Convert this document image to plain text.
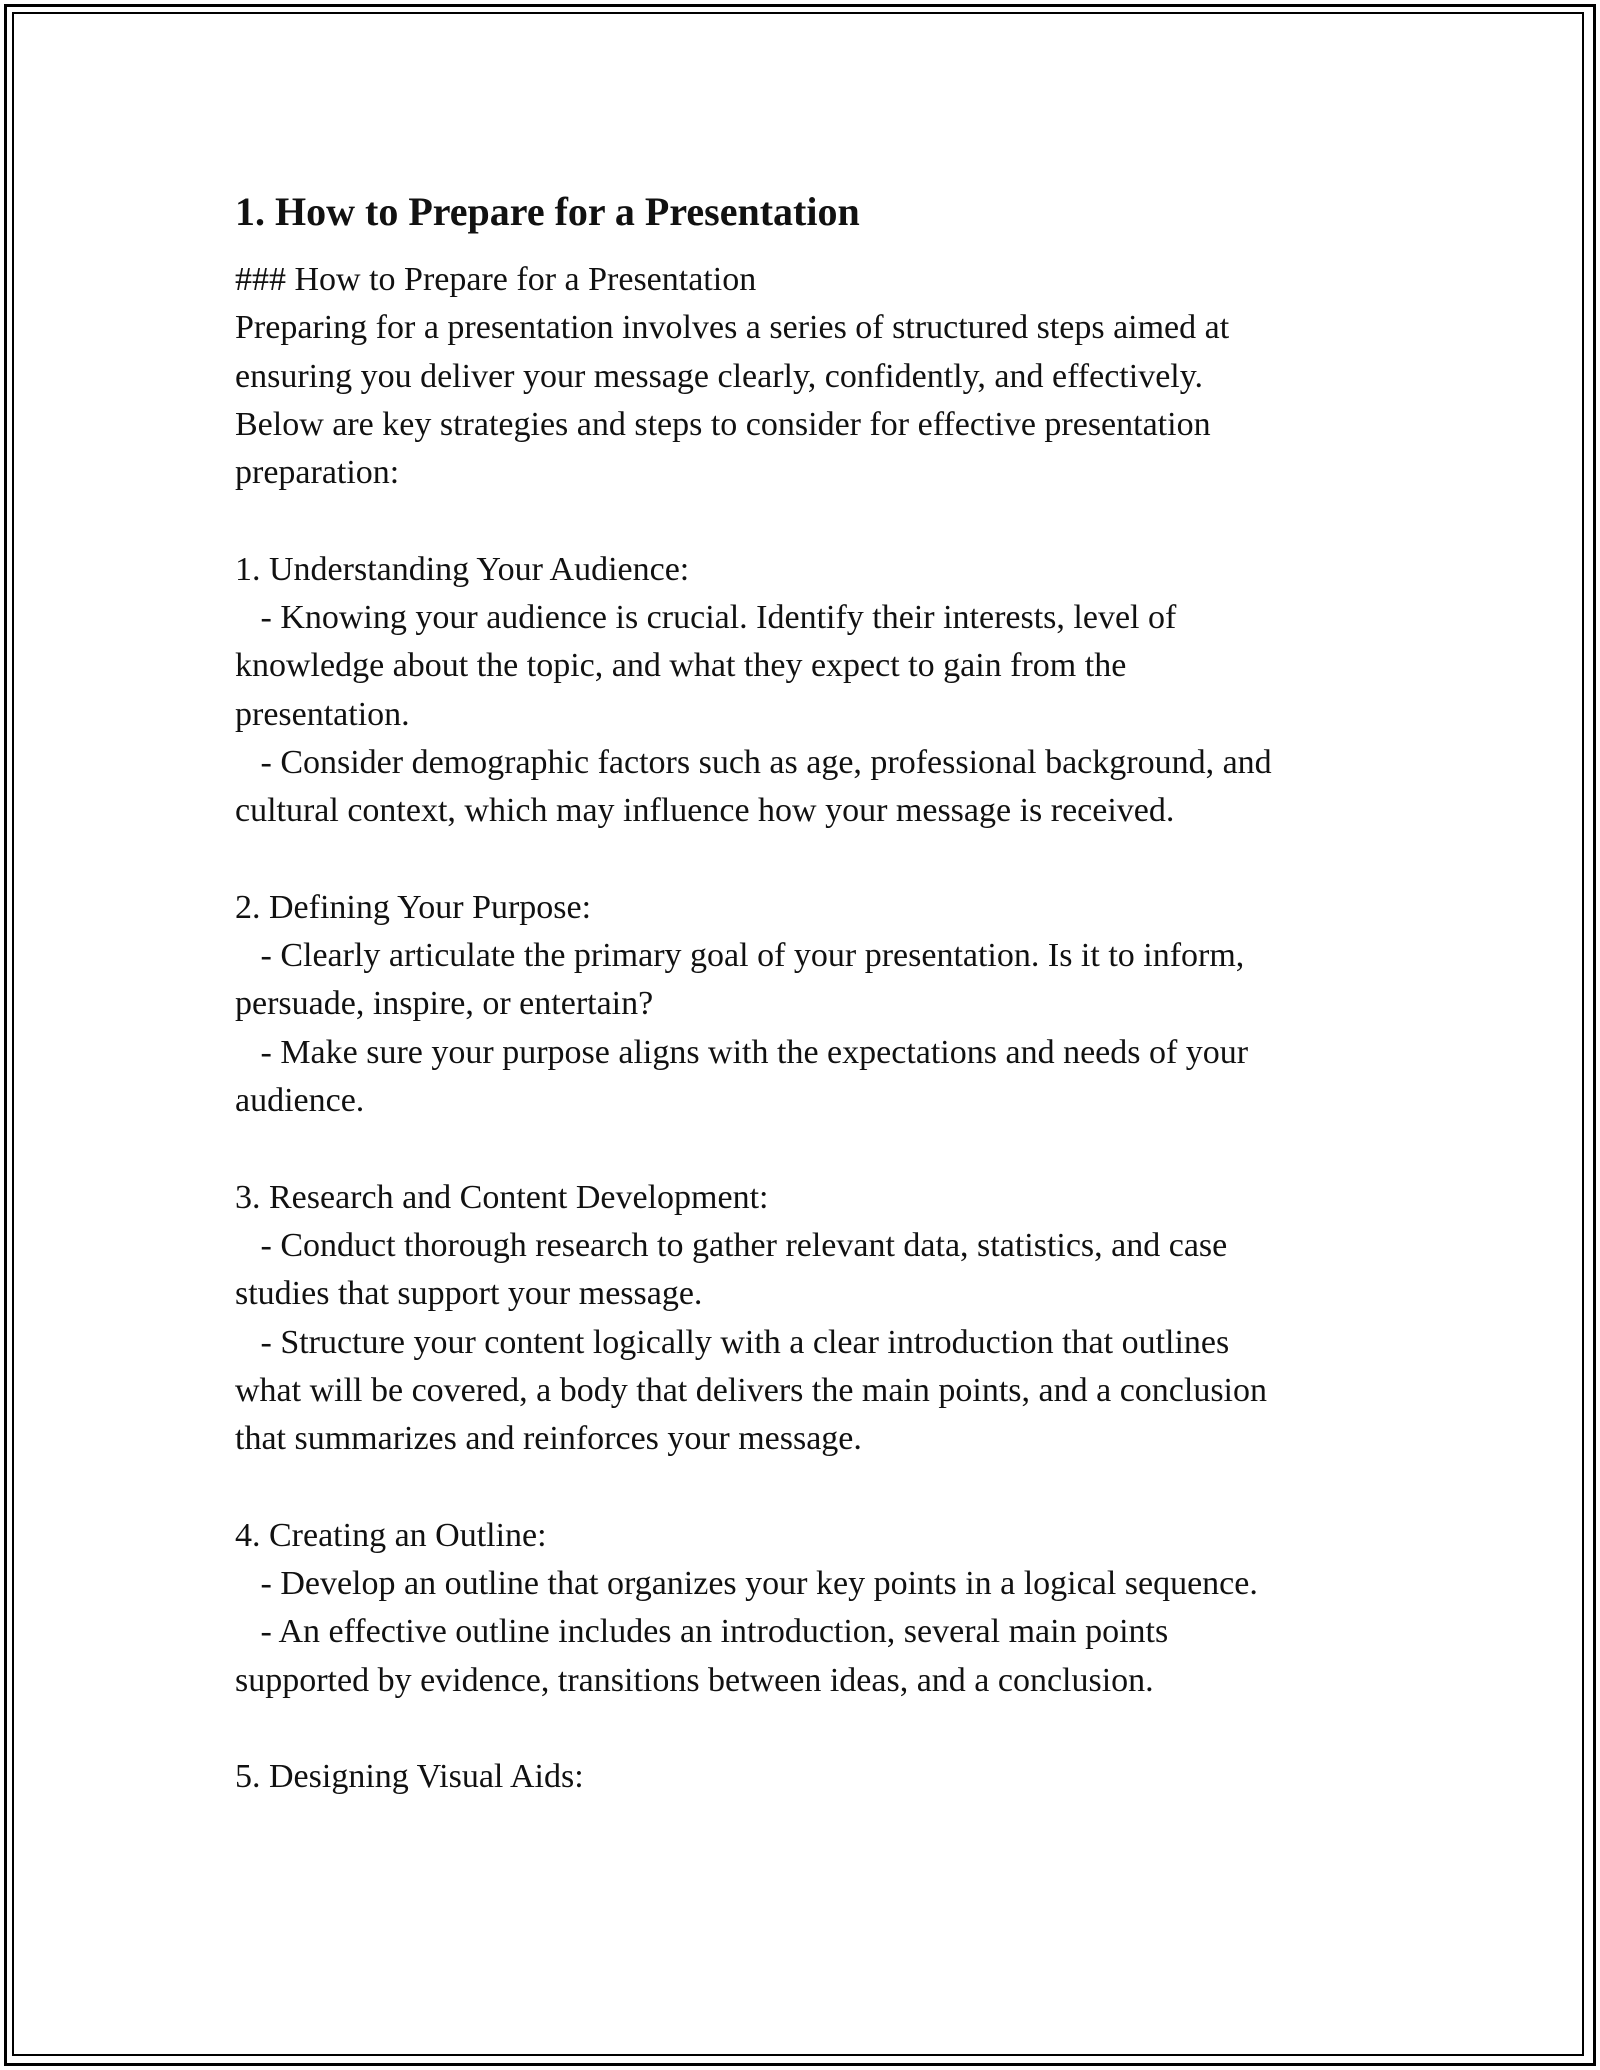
1. How to Prepare for a Presentation

### How to Prepare for a Presentation

Preparing for a presentation involves a series of structured steps aimed at
ensuring you deliver your message clearly, confidently, and effectively.
Below are key strategies and steps to consider for effective presentation
preparation:

1. Understanding Your Audience:

- Knowing your audience is crucial. Identify their interests, level of
knowledge about the topic, and what they expect to gain from the
presentation.

- Consider demographic factors such as age, professional background, and
cultural context, which may influence how your message is received.

2. Defining Your Purpose:

- Clearly articulate the primary goal of your presentation. Is it to inform,
persuade, inspire, or entertain?

- Make sure your purpose aligns with the expectations and needs of your
audience.

3. Research and Content Development:

- Conduct thorough research to gather relevant data, statistics, and case
studies that support your message.

- Structure your content logically with a clear introduction that outlines
what will be covered, a body that delivers the main points, and a conclusion
that summarizes and reinforces your message.

4. Creating an Outline:

- Develop an outline that organizes your key points in a logical sequence.

- An effective outline includes an introduction, several main points
supported by evidence, transitions between ideas, and a conclusion.

5. Designing Visual Aids:
